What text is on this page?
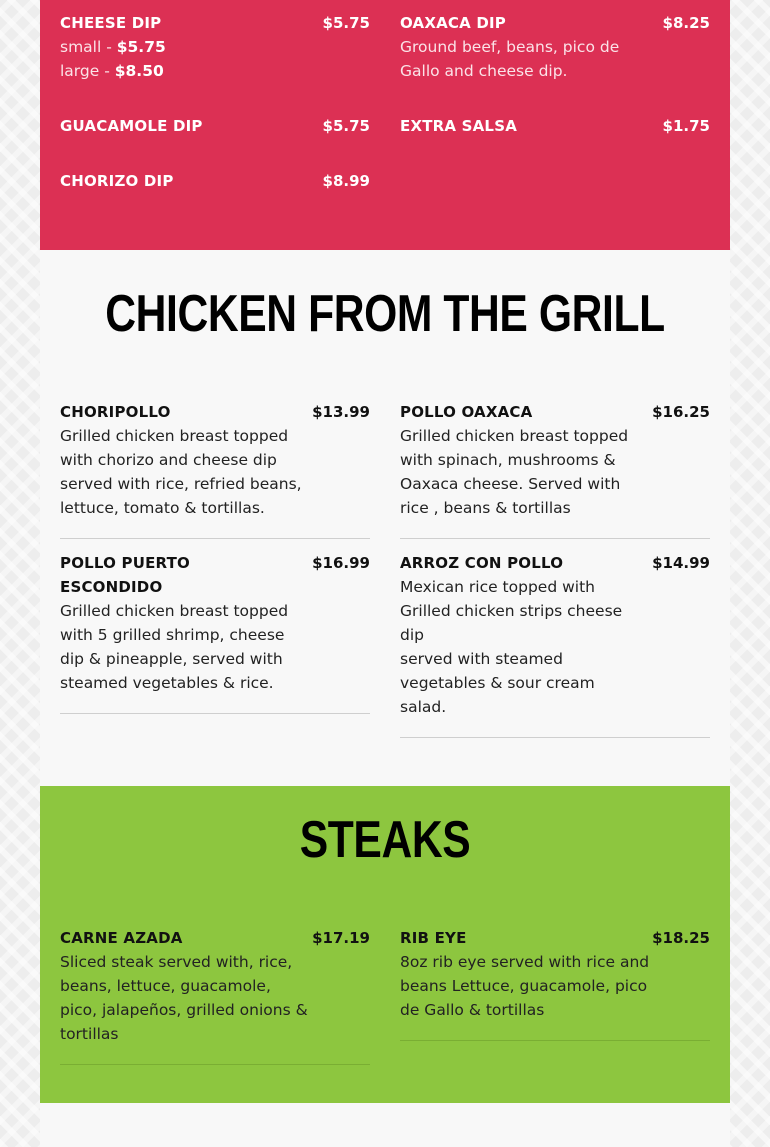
CHEESE DIP	$5.75
small - $5.75
large - $8.50
OAXACA DIP	$8.25
Ground beef, beans, pico de Gallo and cheese dip.
GUACAMOLE DIP	$5.75 EXTRA SALSA	$1.75
CHORIZO DIP	$8.99
CHICKEN FROM THE GRILL
CHORIPOLLO	$13.99
Grilled chicken breast topped with chorizo and cheese dip served with rice, refried beans, lettuce, tomato & tortillas.
POLLO OAXACA	$16.25
Grilled chicken breast topped with spinach, mushrooms & Oaxaca cheese. Served with rice , beans & tortillas
POLLO PUERTO ESCONDIDO
$16.99
Grilled chicken breast topped with 5 grilled shrimp, cheese dip & pineapple, served with steamed vegetables & rice.
ARROZ CON POLLO	$14.99
Mexican rice topped with Grilled chicken strips cheese dip
served with steamed vegetables & sour cream salad.
STEAKS
CARNE AZADA	$17.19
Sliced steak served with, rice, beans, lettuce, guacamole, pico, jalapeños, grilled onions & tortillas
RIB EYE	$18.25
8oz rib eye served with rice and beans Lettuce, guacamole, pico de Gallo & tortillas
